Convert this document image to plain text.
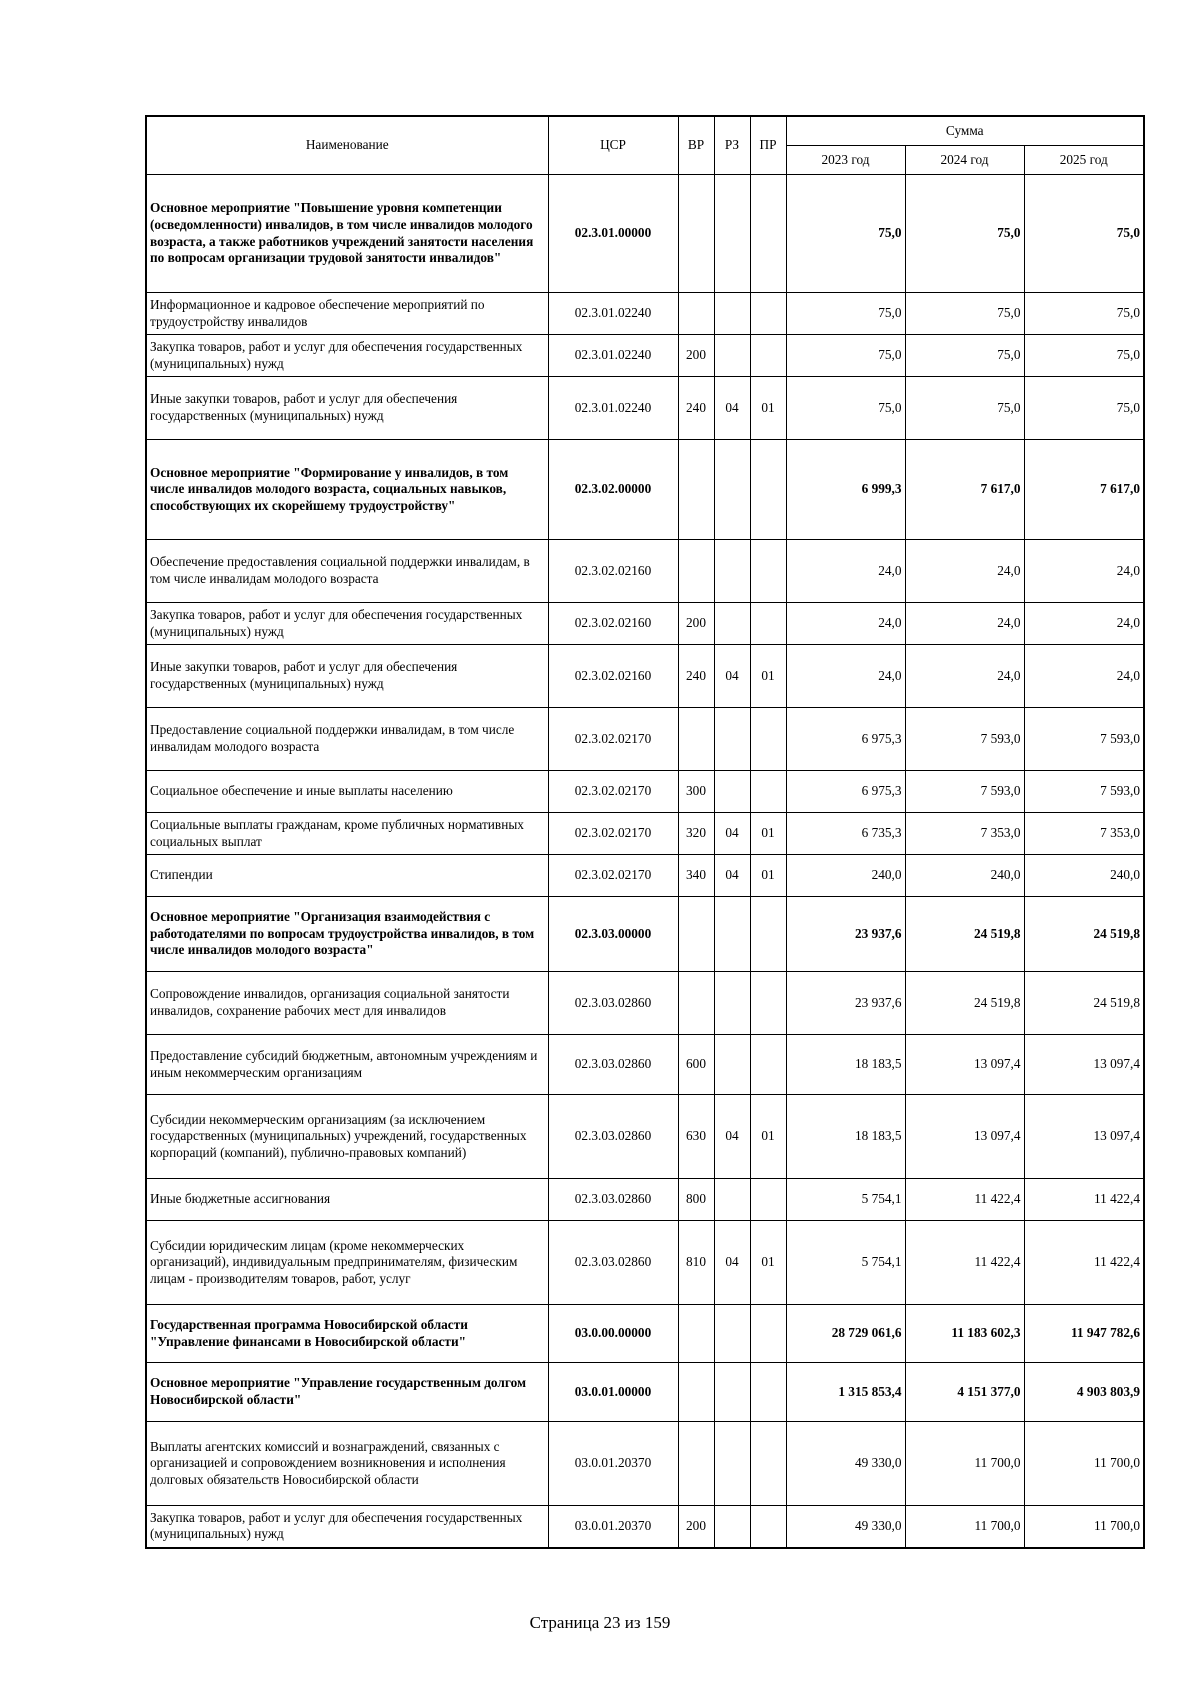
Наименование	ЦСР	ВР	РЗ	ПР	Сумма		
					2023 год	2024 год	2025 год
Основное мероприятие "Повышение уровня компетенции (осведомленности) инвалидов, в том числе инвалидов молодого возраста, а также работников учреждений занятости населения по вопросам организации трудовой занятости инвалидов"	02.3.01.00000				75,0	75,0	75,0
Информационное и кадровое обеспечение мероприятий по трудоустройству инвалидов	02.3.01.02240				75,0	75,0	75,0
Закупка товаров, работ и услуг для обеспечения государственных (муниципальных) нужд	02.3.01.02240	200			75,0	75,0	75,0
Иные закупки товаров, работ и услуг для обеспечения государственных (муниципальных) нужд	02.3.01.02240	240	04	01	75,0	75,0	75,0
Основное мероприятие "Формирование у инвалидов, в том числе инвалидов молодого возраста, социальных навыков, способствующих их скорейшему трудоустройству"	02.3.02.00000				6 999,3	7 617,0	7 617,0
Обеспечение предоставления социальной поддержки инвалидам, в том числе инвалидам молодого возраста	02.3.02.02160				24,0	24,0	24,0
Закупка товаров, работ и услуг для обеспечения государственных (муниципальных) нужд	02.3.02.02160	200			24,0	24,0	24,0
Иные закупки товаров, работ и услуг для обеспечения государственных (муниципальных) нужд	02.3.02.02160	240	04	01	24,0	24,0	24,0
Предоставление социальной поддержки инвалидам, в том числе инвалидам молодого возраста	02.3.02.02170				6 975,3	7 593,0	7 593,0
Социальное обеспечение и иные выплаты населению	02.3.02.02170	300			6 975,3	7 593,0	7 593,0
Социальные выплаты гражданам, кроме публичных нормативных социальных выплат	02.3.02.02170	320	04	01	6 735,3	7 353,0	7 353,0
Стипендии	02.3.02.02170	340	04	01	240,0	240,0	240,0
Основное мероприятие "Организация взаимодействия с работодателями по вопросам трудоустройства инвалидов, в том числе инвалидов молодого возраста"	02.3.03.00000				23 937,6	24 519,8	24 519,8
Сопровождение инвалидов, организация социальной занятости инвалидов, сохранение рабочих мест для инвалидов	02.3.03.02860				23 937,6	24 519,8	24 519,8
Предоставление субсидий бюджетным, автономным учреждениям и иным некоммерческим организациям	02.3.03.02860	600			18 183,5	13 097,4	13 097,4
Субсидии некоммерческим организациям (за исключением государственных (муниципальных) учреждений, государственных корпораций (компаний), публично-правовых компаний)	02.3.03.02860	630	04	01	18 183,5	13 097,4	13 097,4
Иные бюджетные ассигнования	02.3.03.02860	800			5 754,1	11 422,4	11 422,4
Субсидии юридическим лицам (кроме некоммерческих организаций), индивидуальным предпринимателям, физическим лицам - производителям товаров, работ, услуг	02.3.03.02860	810	04	01	5 754,1	11 422,4	11 422,4
Государственная программа Новосибирской области "Управление финансами в Новосибирской области"	03.0.00.00000				28 729 061,6	11 183 602,3	11 947 782,6
Основное мероприятие "Управление государственным долгом Новосибирской области"	03.0.01.00000				1 315 853,4	4 151 377,0	4 903 803,9
Выплаты агентских комиссий и вознаграждений, связанных с организацией и сопровождением возникновения и исполнения долговых обязательств Новосибирской области	03.0.01.20370				49 330,0	11 700,0	11 700,0
Закупка товаров, работ и услуг для обеспечения государственных (муниципальных) нужд	03.0.01.20370	200			49 330,0	11 700,0	11 700,0
Страница 23 из 159
